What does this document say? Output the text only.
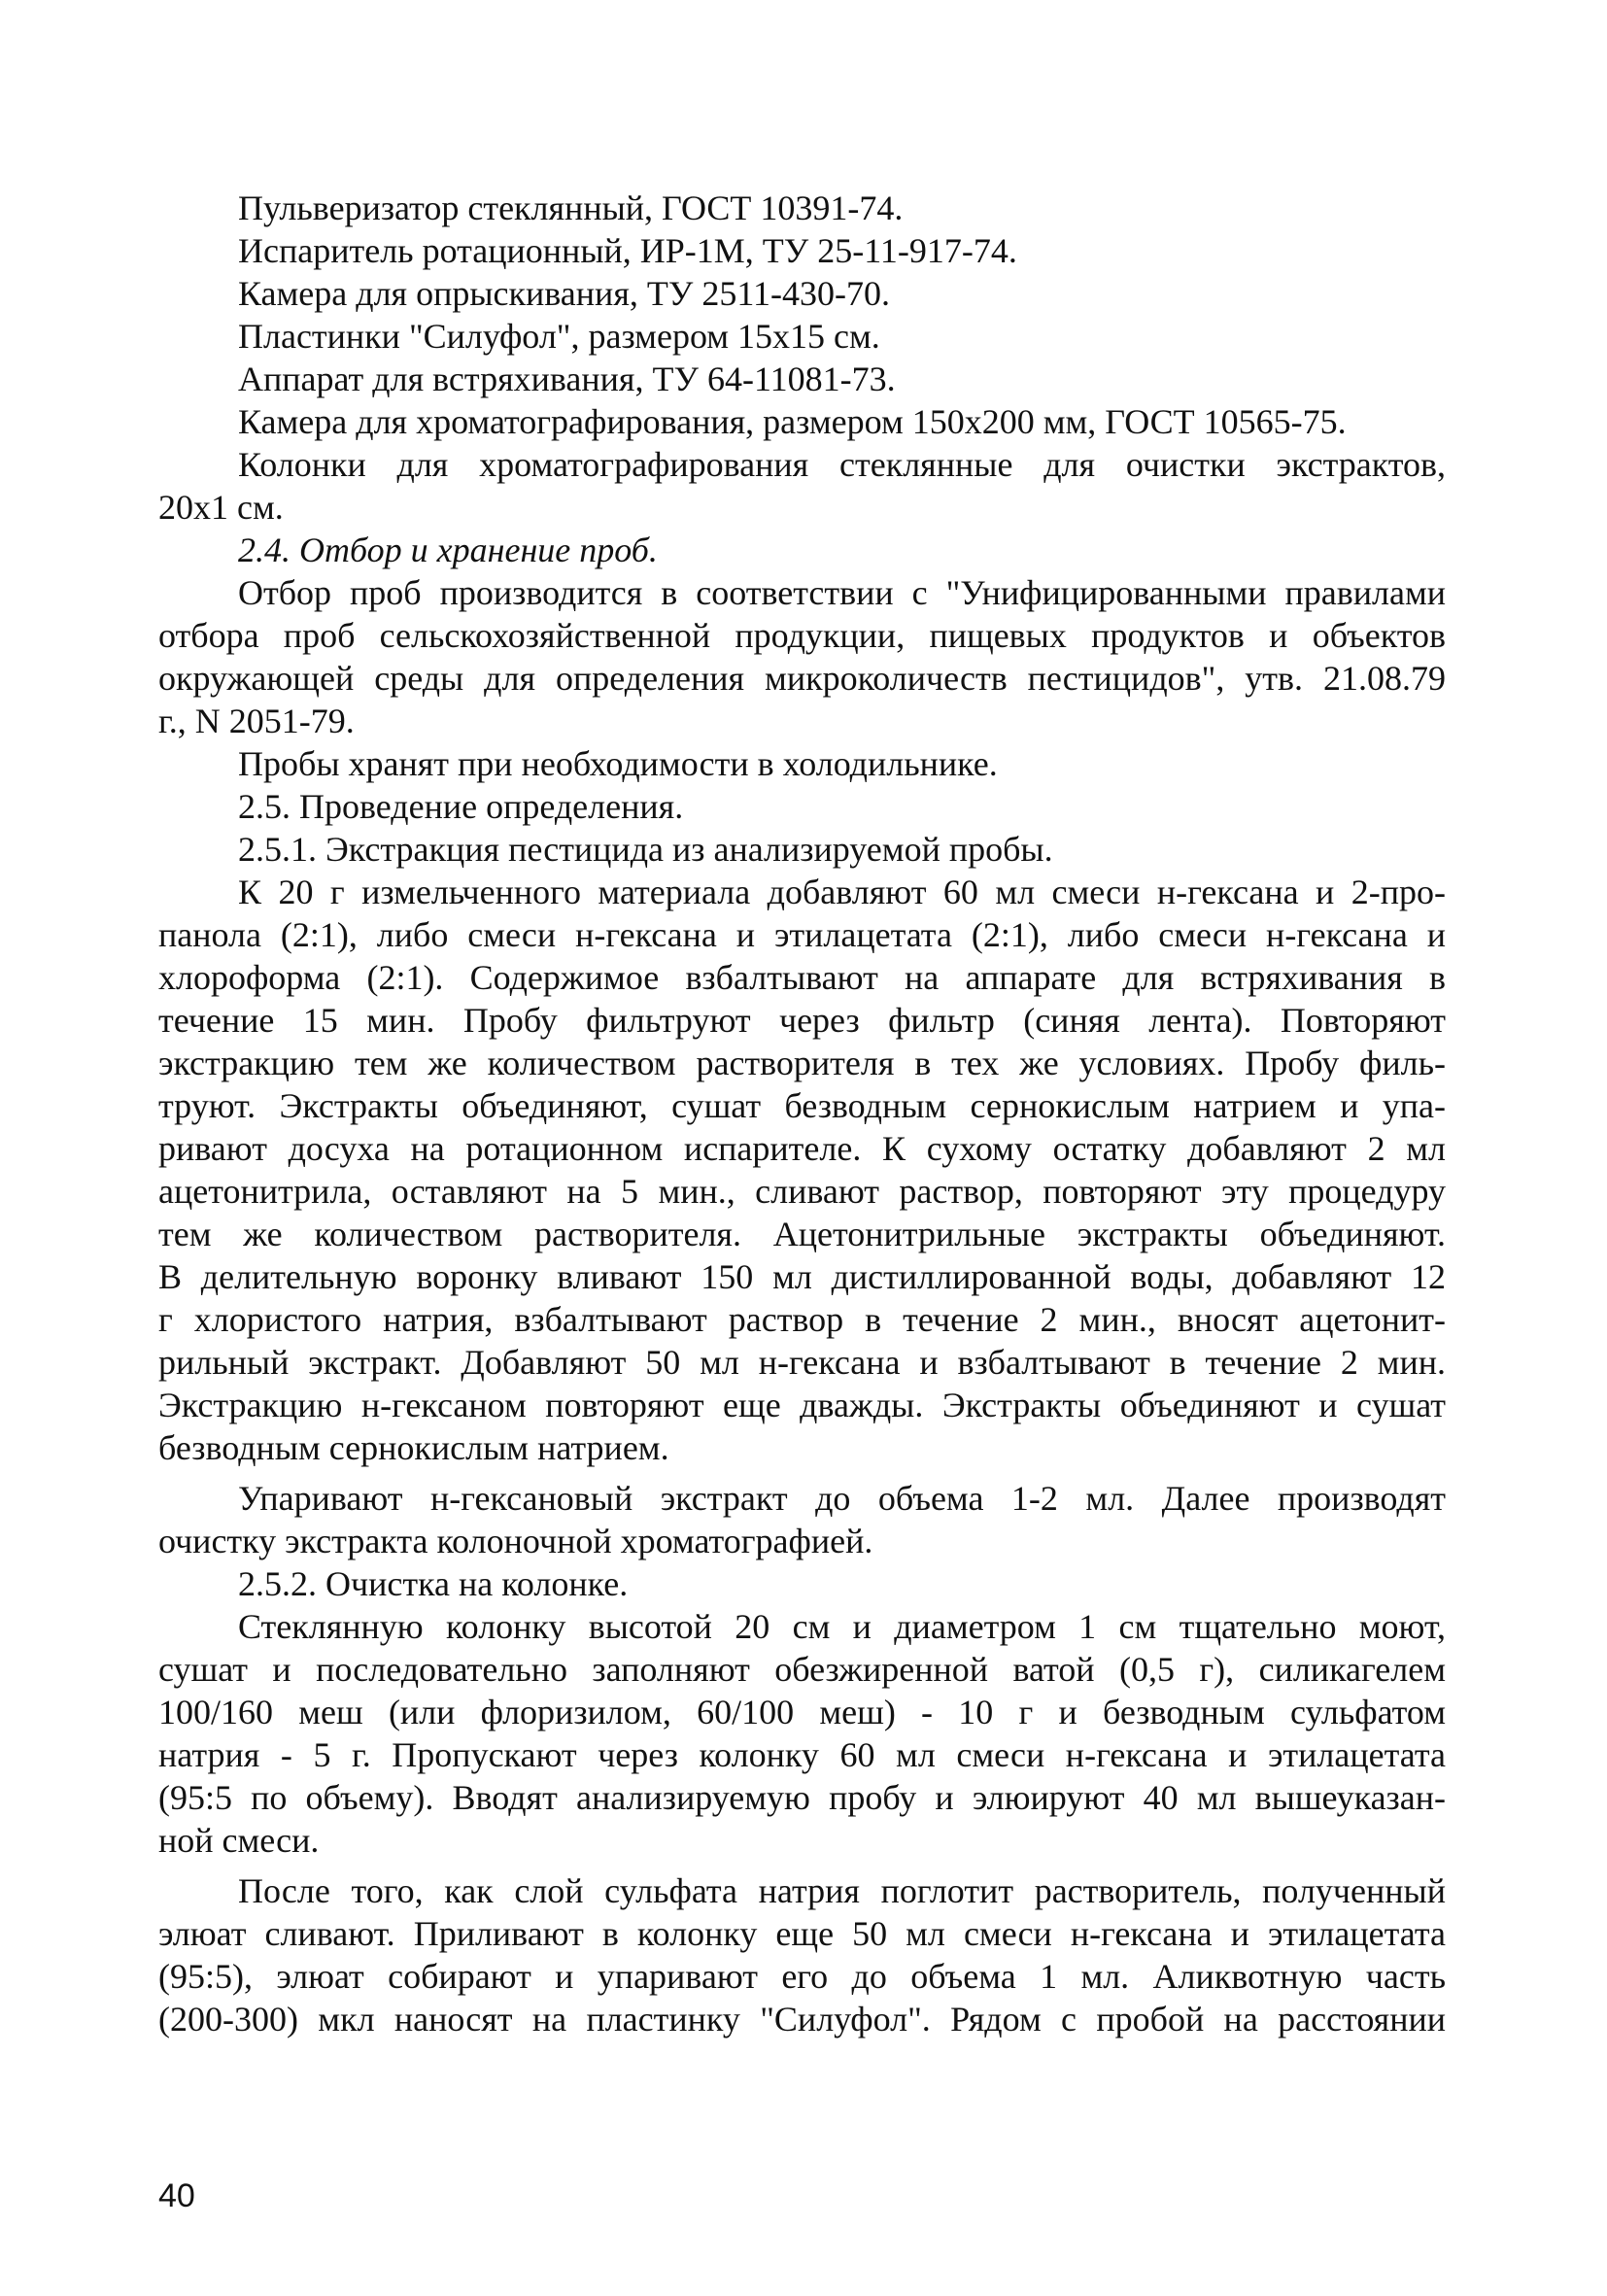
Пульверизатор стеклянный, ГОСТ 10391-74.
Испаритель ротационный, ИР-1М, ТУ 25-11-917-74.
Камера для опрыскивания, ТУ 2511-430-70.
Пластинки "Силуфол", размером 15х15 см.
Аппарат для встряхивания, ТУ 64-11081-73.
Камера для хроматографирования, размером 150х200 мм, ГОСТ 10565-75.
Колонки для хроматографирования стеклянные для очистки экстрактов,
20х1 см.
2.4. Отбор и хранение проб.
Отбор проб производится в соответствии с "Унифицированными правилами
отбора проб сельскохозяйственной продукции, пищевых продуктов и объектов
окружающей среды для определения микроколичеств пестицидов", утв. 21.08.79
г., N 2051-79.
Пробы хранят при необходимости в холодильнике.
2.5. Проведение определения.
2.5.1. Экстракция пестицида из анализируемой пробы.
К 20 г измельченного материала добавляют 60 мл смеси н-гексана и 2-про-
панола (2:1), либо смеси н-гексана и этилацетата (2:1), либо смеси н-гексана и
хлороформа (2:1). Содержимое взбалтывают на аппарате для встряхивания в
течение 15 мин. Пробу фильтруют через фильтр (синяя лента). Повторяют
экстракцию тем же количеством растворителя в тех же условиях. Пробу филь-
труют. Экстракты объединяют, сушат безводным сернокислым натрием и упа-
ривают досуха на ротационном испарителе. К сухому остатку добавляют 2 мл
ацетонитрила, оставляют на 5 мин., сливают раствор, повторяют эту процедуру
тем же количеством растворителя. Ацетонитрильные экстракты объединяют.
В делительную воронку вливают 150 мл дистиллированной воды, добавляют 12
г хлористого натрия, взбалтывают раствор в течение 2 мин., вносят ацетонит-
рильный экстракт. Добавляют 50 мл н-гексана и взбалтывают в течение 2 мин.
Экстракцию н-гексаном повторяют еще дважды. Экстракты объединяют и сушат
безводным сернокислым натрием.
Упаривают н-гексановый экстракт до объема 1-2 мл. Далее производят
очистку экстракта колоночной хроматографией.
2.5.2. Очистка на колонке.
Стеклянную колонку высотой 20 см и диаметром 1 см тщательно моют,
сушат и последовательно заполняют обезжиренной ватой (0,5 г), силикагелем
100/160 меш (или флоризилом, 60/100 меш) - 10 г и безводным сульфатом
натрия - 5 г. Пропускают через колонку 60 мл смеси н-гексана и этилацетата
(95:5 по объему). Вводят анализируемую пробу и элюируют 40 мл вышеуказан-
ной смеси.
После того, как слой сульфата натрия поглотит растворитель, полученный
элюат сливают. Приливают в колонку еще 50 мл смеси н-гексана и этилацетата
(95:5), элюат собирают и упаривают его до объема 1 мл. Аликвотную часть
(200-300) мкл наносят на пластинку "Силуфол". Рядом с пробой на расстоянии
40
